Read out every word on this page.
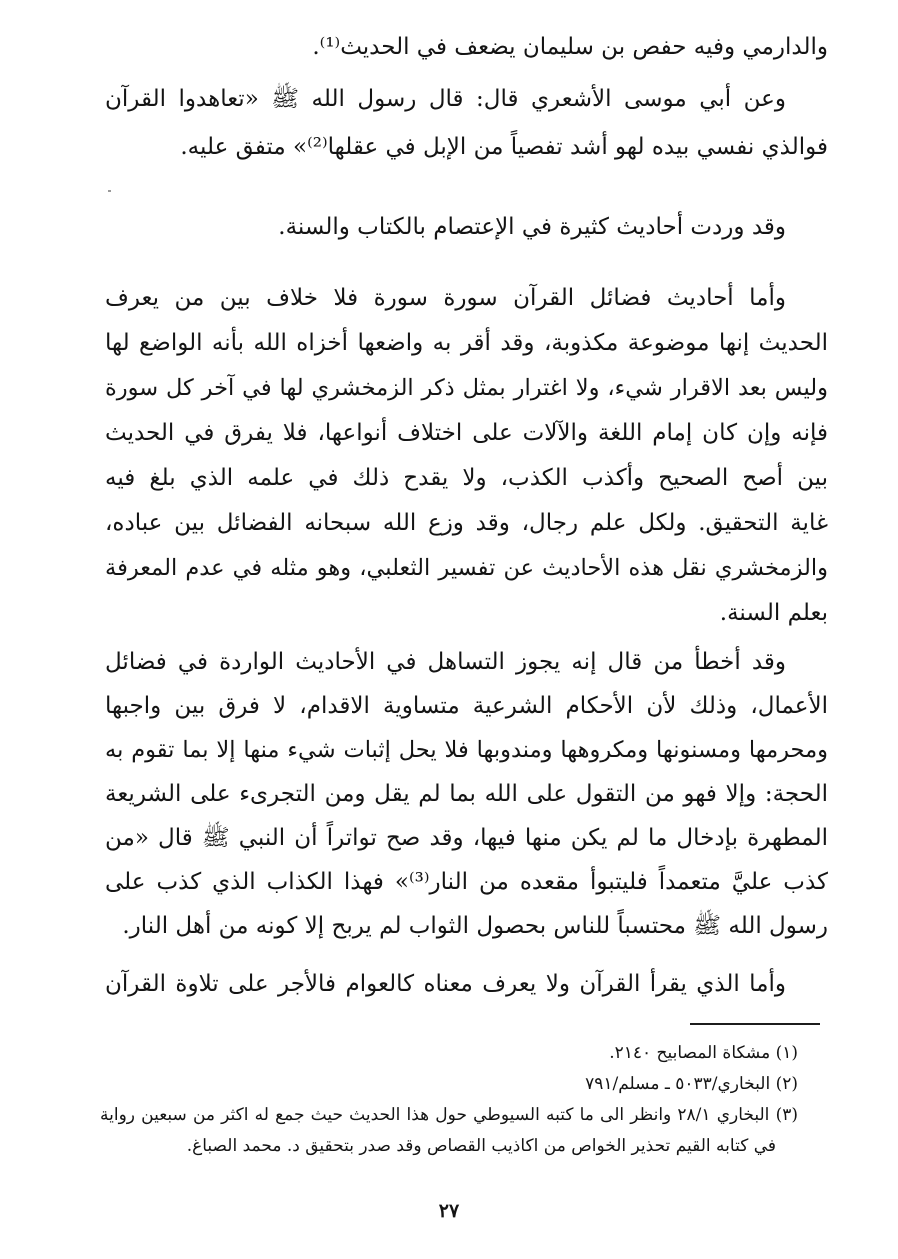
والدارمي وفيه حفص بن سليمان يضعف في الحديث⁽¹⁾.
وعن أبي موسى الأشعري قال: قال رسول الله ﷺ «تعاهدوا القرآن
فوالذي نفسي بيده لهو أشد تفصياً من الإبل في عقلها⁽²⁾» متفق عليه.
وقد وردت أحاديث كثيرة في الإعتصام بالكتاب والسنة.
وأما أحاديث فضائل القرآن سورة سورة فلا خلاف بين من يعرف
الحديث إنها موضوعة مكذوبة، وقد أقر به واضعها أخزاه الله بأنه الواضع لها
وليس بعد الاقرار شيء، ولا اغترار بمثل ذكر الزمخشري لها في آخر كل سورة
فإنه وإن كان إمام اللغة والآلات على اختلاف أنواعها، فلا يفرق في الحديث
بين أصح الصحيح وأكذب الكذب، ولا يقدح ذلك في علمه الذي بلغ فيه
غاية التحقيق. ولكل علم رجال، وقد وزع الله سبحانه الفضائل بين عباده،
والزمخشري نقل هذه الأحاديث عن تفسير الثعلبي، وهو مثله في عدم المعرفة
بعلم السنة.
وقد أخطأ من قال إنه يجوز التساهل في الأحاديث الواردة في فضائل
الأعمال، وذلك لأن الأحكام الشرعية متساوية الاقدام، لا فرق بين واجبها
ومحرمها ومسنونها ومكروهها ومندوبها فلا يحل إثبات شيء منها إلا بما تقوم به
الحجة: وإلا فهو من التقول على الله بما لم يقل ومن التجرىء على الشريعة
المطهرة بإدخال ما لم يكن منها فيها، وقد صح تواتراً أن النبي ﷺ قال «من
كذب عليَّ متعمداً فليتبوأ مقعده من النار⁽³⁾» فهذا الكذاب الذي كذب على
رسول الله ﷺ محتسباً للناس بحصول الثواب لم يربح إلا كونه من أهل النار.
وأما الذي يقرأ القرآن ولا يعرف معناه كالعوام فالأجر على تلاوة القرآن
(١) مشكاة المصابيح ٢١٤٠.
(٢) البخاري/٥٠٣٣ ـ مسلم/٧٩١
(٣) البخاري ٢٨/١ وانظر الى ما كتبه السيوطي حول هذا الحديث حيث جمع له اكثر من سبعين رواية
في كتابه القيم تحذير الخواص من اكاذيب القصاص وقد صدر بتحقيق د. محمد الصباغ.
٢٧
